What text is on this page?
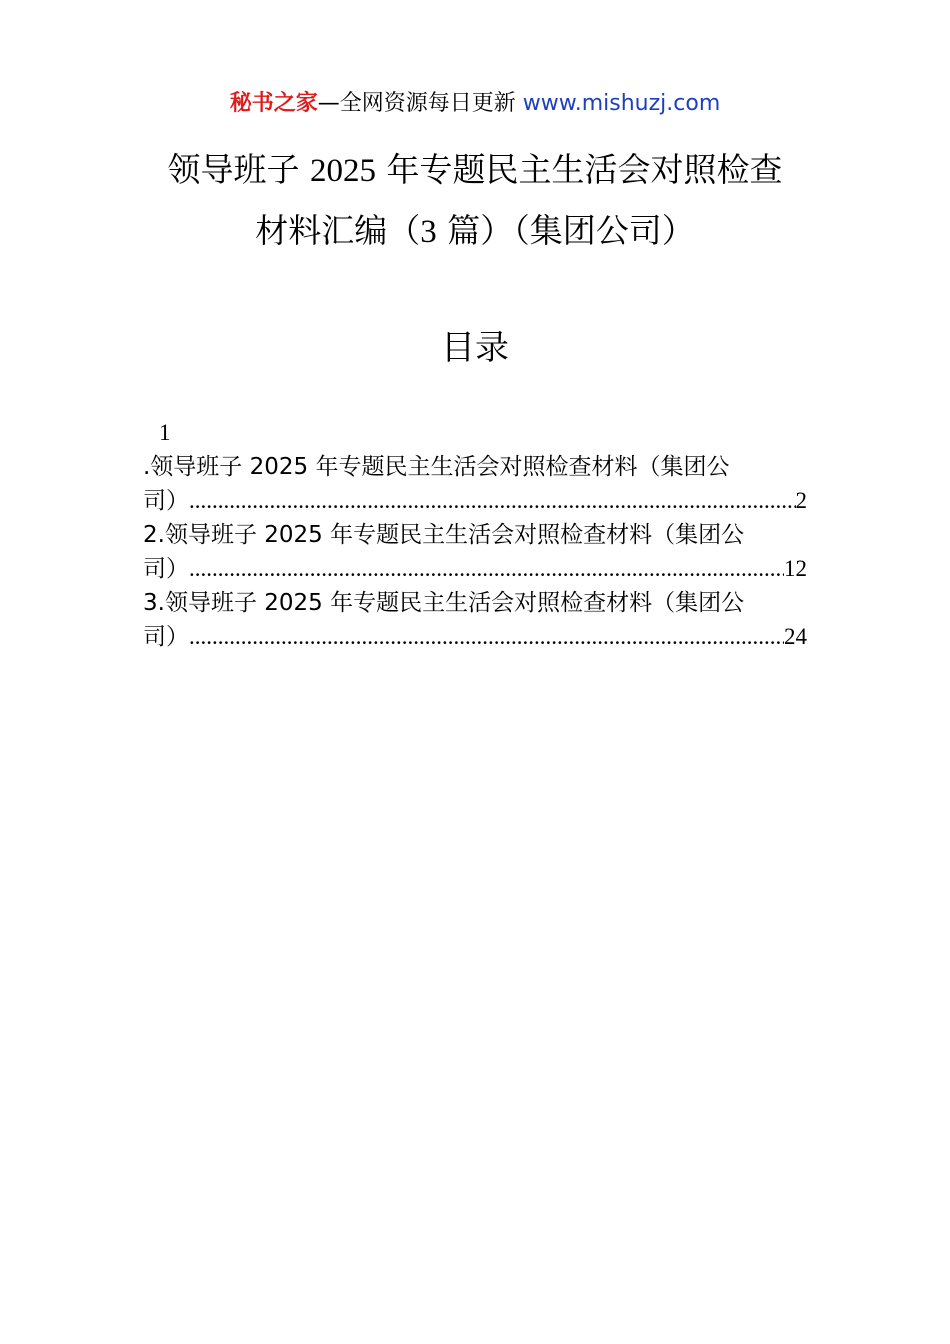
秘书之家—全网资源每日更新 www.mishuzj.com
领导班子 2025 年专题民主生活会对照检查
材料汇编（3 篇）（集团公司）
目录
1
.领导班子 2025 年专题民主生活会对照检查材料（集团公
司） .....	2
2.领导班子 2025 年专题民主生活会对照检查材料（集团公
司） .....	12
3.领导班子 2025 年专题民主生活会对照检查材料（集团公
司） .....	24
